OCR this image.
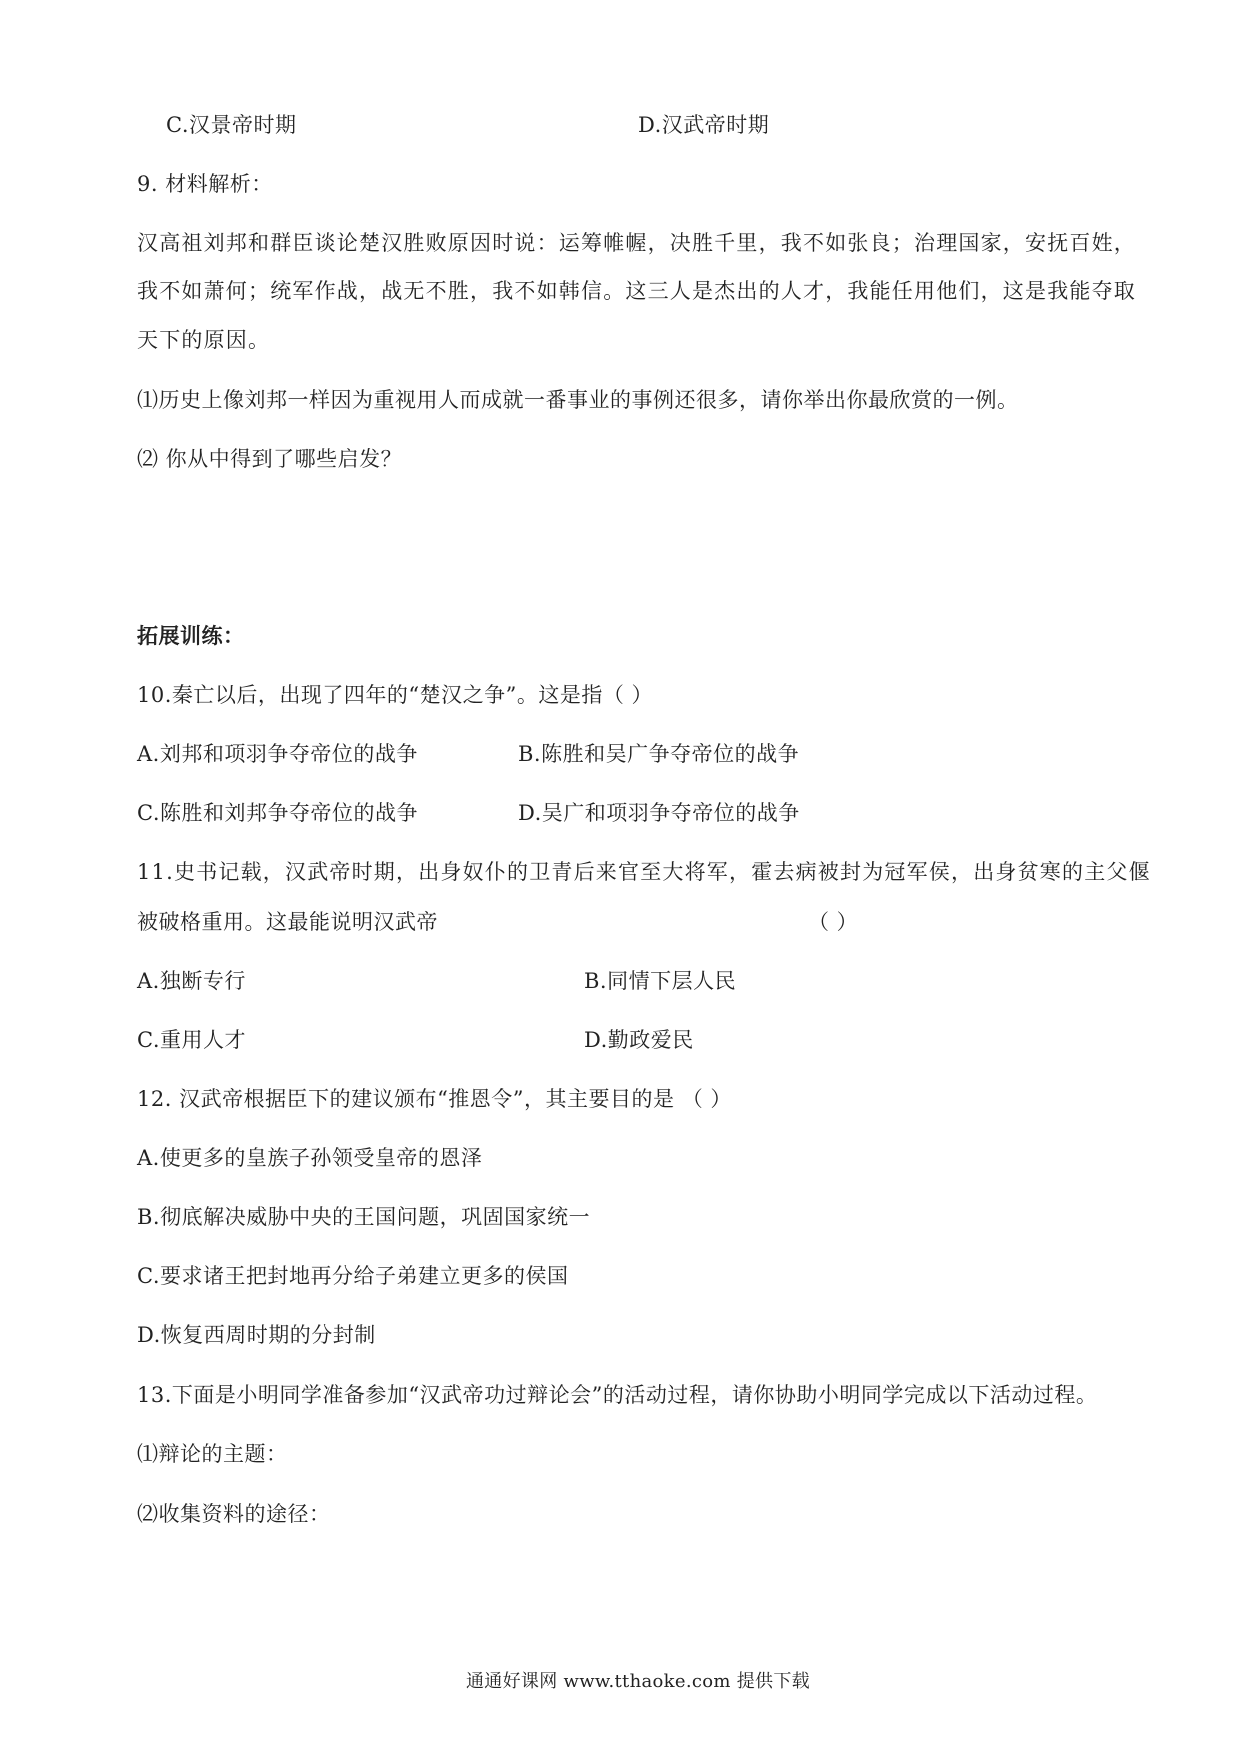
C.汉景帝时期	D.汉武帝时期
9. 材料解析：
汉高祖刘邦和群臣谈论楚汉胜败原因时说：运筹帷幄，决胜千里，我不如张良；治理国家，安抚百姓，
我不如萧何；统军作战，战无不胜，我不如韩信。这三人是杰出的人才，我能任用他们，这是我能夺取
天下的原因。
⑴历史上像刘邦一样因为重视用人而成就一番事业的事例还很多，请你举出你最欣赏的一例。
⑵ 你从中得到了哪些启发？
拓展训练：
10.秦亡以后，出现了四年的“楚汉之争”。这是指（ ）
A.刘邦和项羽争夺帝位的战争	B.陈胜和吴广争夺帝位的战争
C.陈胜和刘邦争夺帝位的战争	D.吴广和项羽争夺帝位的战争
11.史书记载，汉武帝时期，出身奴仆的卫青后来官至大将军，霍去病被封为冠军侯，出身贫寒的主父偃
被破格重用。这最能说明汉武帝	（ ）
A.独断专行	B.同情下层人民
C.重用人才	D.勤政爱民
12. 汉武帝根据臣下的建议颁布“推恩令”，其主要目的是 （ ）
A.使更多的皇族子孙领受皇帝的恩泽
B.彻底解决威胁中央的王国问题，巩固国家统一
C.要求诸王把封地再分给子弟建立更多的侯国
D.恢复西周时期的分封制
13.下面是小明同学准备参加“汉武帝功过辩论会”的活动过程，请你协助小明同学完成以下活动过程。
⑴辩论的主题：
⑵收集资料的途径：
通通好课网 www.tthaoke.com 提供下载
